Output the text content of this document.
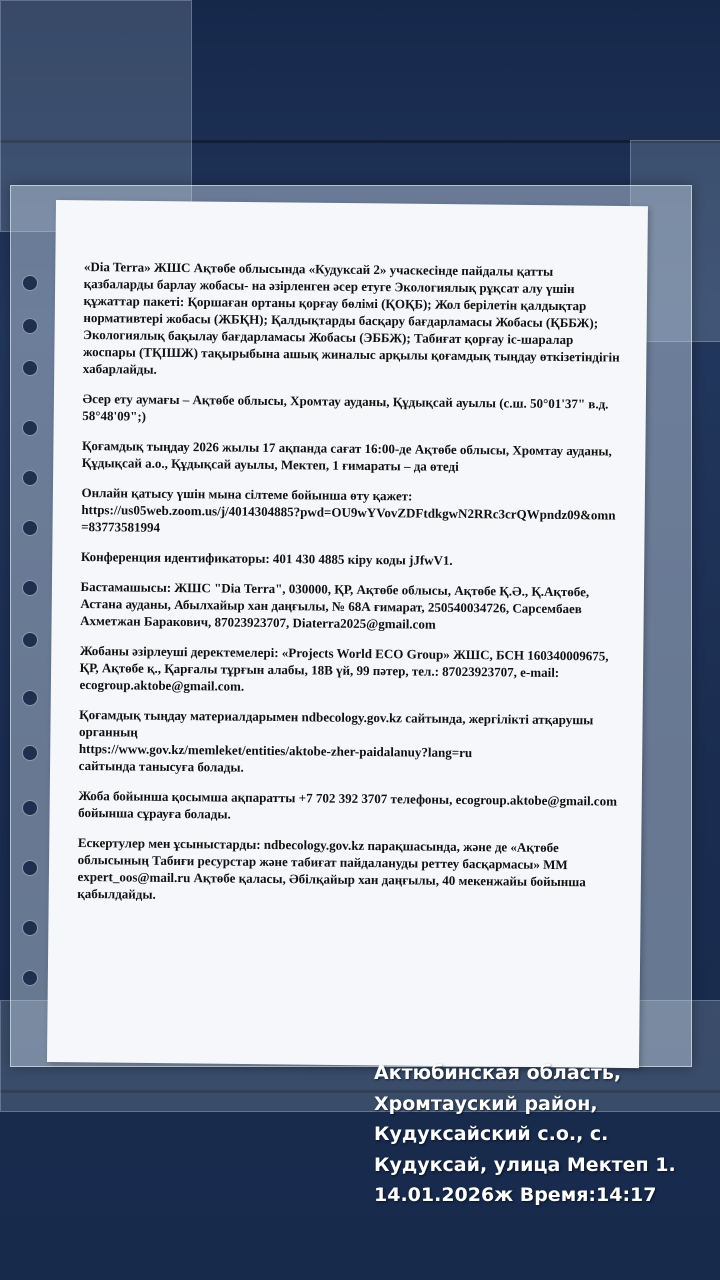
«Dia Terra» ЖШС Ақтөбе облысында «Кудуксай 2» учаскесінде пайдалы қатты қазбаларды барлау жобасы- на әзірленген әсер етуге Экологиялық рұқсат алу үшін құжаттар пакеті: Қоршаған ортаны қорғау бөлімі (ҚОҚБ); Жол берілетін қалдықтар нормативтері жобасы (ЖБҚН); Қалдықтарды басқару бағдарламасы Жобасы (ҚББЖ); Экологиялық бақылау бағдарламасы Жобасы (ЭББЖ); Табиғат қорғау іс-шаралар жоспары (ТҚІШЖ) тақырыбына ашық жиналыс арқылы қоғамдық тыңдау өткізетіндігін хабарлайды.

Әсер ету аумағы – Ақтөбе облысы, Хромтау ауданы, Құдықсай ауылы (с.ш. 50°01'37" в.д. 58°48'09";)

Қоғамдық тыңдау 2026 жылы 17 ақпанда сағат 16:00-де Ақтөбе облысы, Хромтау ауданы, Құдықсай а.о., Құдықсай ауылы, Мектеп, 1 ғимараты – да өтеді

Онлайн қатысу үшін мына сілтеме бойынша өту қажет:
https://us05web.zoom.us/j/4014304885?pwd=OU9wYVovZDFtdkgwN2RRc3crQWpndz09&omn=83773581994

Конференция идентификаторы: 401 430 4885 кіру коды jJfwV1.

Бастамашысы: ЖШС "Dia Terra", 030000, ҚР, Ақтөбе облысы, Ақтөбе Қ.Ә., Қ.Ақтөбе, Астана ауданы, Абылхайыр хан даңғылы, № 68А ғимарат, 250540034726, Сарсембаев Ахметжан Баракович, 87023923707, Diaterra2025@gmail.com

Жобаны әзірлеуші деректемелері: «Projects World ECO Group» ЖШС, БСН 160340009675, ҚР, Ақтөбе қ., Қарғалы тұрғын алабы, 18В үй, 99 пәтер, тел.: 87023923707, e-mail: ecogroup.aktobe@gmail.com.

Қоғамдық тыңдау материалдарымен ndbecology.gov.kz сайтында, жергілікті атқарушы органның
https://www.gov.kz/memleket/entities/aktobe-zher-paidalanuy?lang=ru
сайтында танысуға болады.

Жоба бойынша қосымша ақпаратты +7 702 392 3707 телефоны, ecogroup.aktobe@gmail.com бойынша сұрауға болады.

Ескертулер мен ұсыныстарды: ndbecology.gov.kz парақшасында, және де «Ақтөбе облысының Табиғи ресурстар және табиғат пайдалануды реттеу басқармасы» ММ expert_oos@mail.ru Ақтөбе қаласы, Әбілқайыр хан даңғылы, 40 мекенжайы бойынша қабылдайды.

Актюбинская область,
Хромтауский район,
Кудуксайский с.о., с.
Кудуксай, улица Мектеп 1.
14.01.2026ж Время:14:17
